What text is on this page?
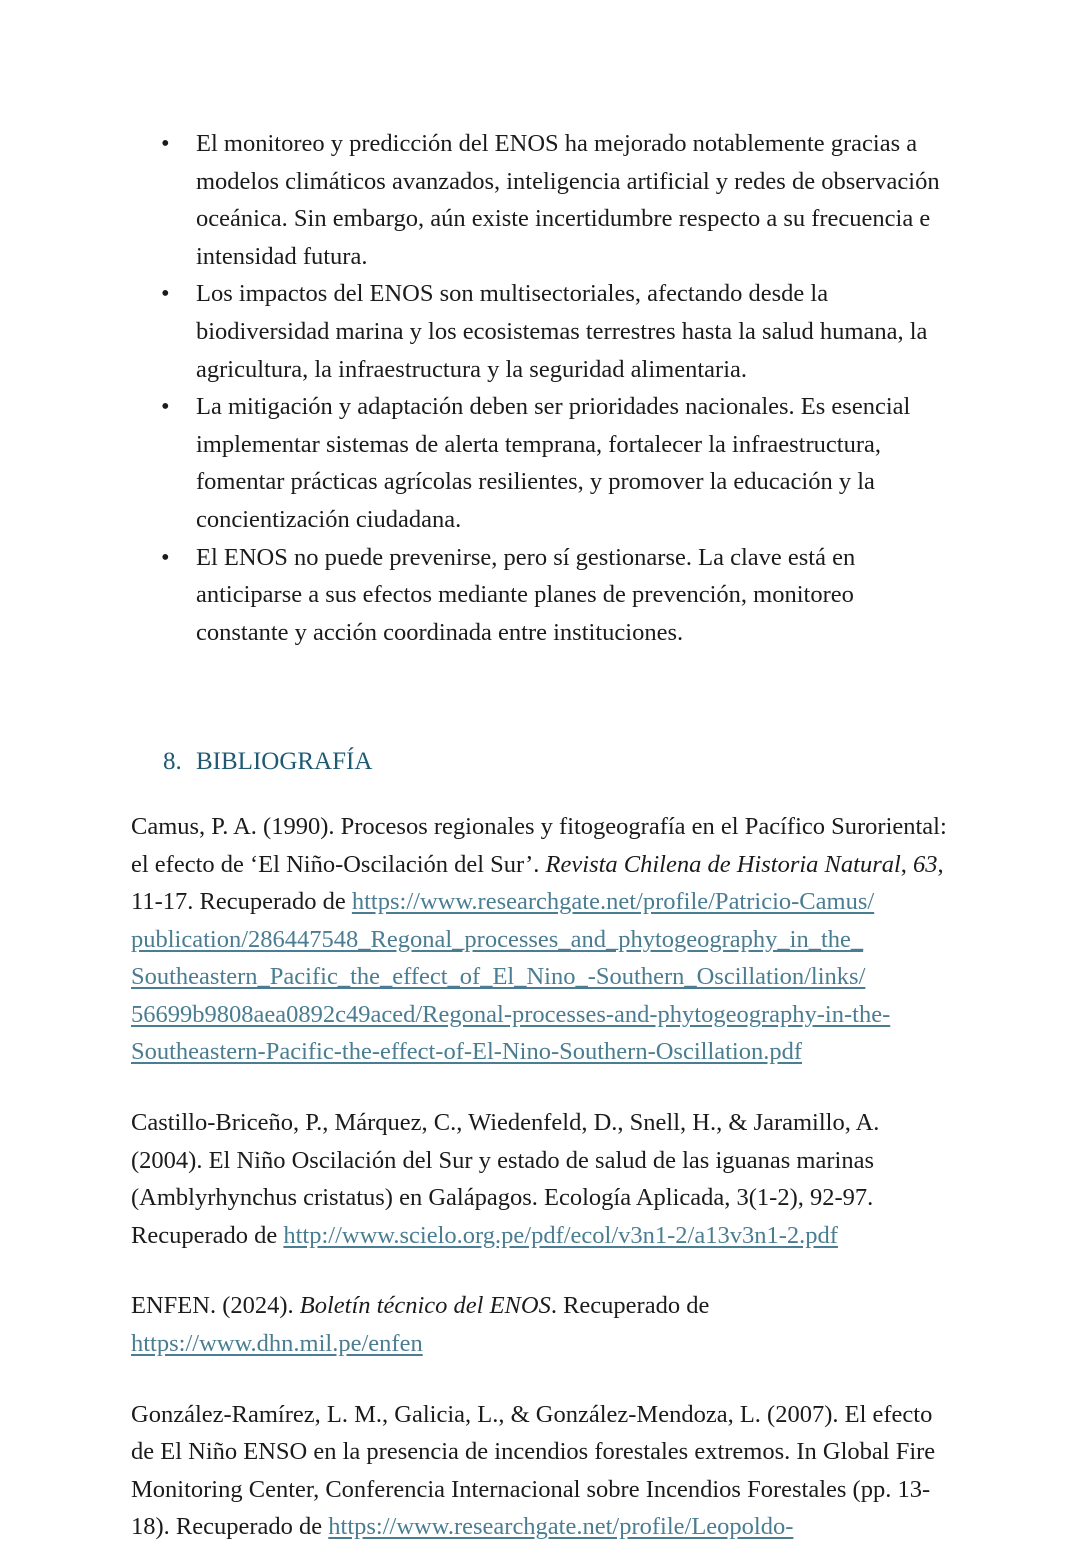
• El monitoreo y predicción del ENOS ha mejorado notablemente gracias a modelos climáticos avanzados, inteligencia artificial y redes de observación oceánica. Sin embargo, aún existe incertidumbre respecto a su frecuencia e intensidad futura.
• Los impactos del ENOS son multisectoriales, afectando desde la biodiversidad marina y los ecosistemas terrestres hasta la salud humana, la agricultura, la infraestructura y la seguridad alimentaria.
• La mitigación y adaptación deben ser prioridades nacionales. Es esencial implementar sistemas de alerta temprana, fortalecer la infraestructura, fomentar prácticas agrícolas resilientes, y promover la educación y la concientización ciudadana.
• El ENOS no puede prevenirse, pero sí gestionarse. La clave está en anticiparse a sus efectos mediante planes de prevención, monitoreo constante y acción coordinada entre instituciones.
8. BIBLIOGRAFÍA

Camus, P. A. (1990). Procesos regionales y fitogeografía en el Pacífico Suroriental: el efecto de ‘El Niño-Oscilación del Sur’. Revista Chilena de Historia Natural, 63, 11-17. Recuperado de https:/​/​www.​researchgate.​net/​profile/​Patricio-​Camus/​publication/​286447548_​Regonal_​processes_​and_​phytogeography_​in_​the_​Southeastern_​Pacific_​the_​effect_​of_​El_​Nino_​-​Southern_​Oscillation/​links/​56699b9808aea0892c49aced/​Regonal-​processes-​and-​phytogeography-​in-​the-​Southeastern-​Pacific-​the-​effect-​of-​El-​Nino-​Southern-​Oscillation.​pdf

Castillo-Briceño, P., Márquez, C., Wiedenfeld, D., Snell, H., & Jaramillo, A. (2004). El Niño Oscilación del Sur y estado de salud de las iguanas marinas (Amblyrhynchus cristatus) en Galápagos. Ecología Aplicada, 3(1-2), 92-97. Recuperado de http://www.scielo.org.pe/pdf/ecol/v3n1-2/a13v3n1-2.pdf

ENFEN. (2024). Boletín técnico del ENOS. Recuperado de https://www.dhn.mil.pe/enfen

González-Ramírez, L. M., Galicia, L., & González-Mendoza, L. (2007). El efecto de El Niño ENSO en la presencia de incendios forestales extremos. In Global Fire Monitoring Center, Conferencia Internacional sobre Incendios Forestales (pp. 13-18). Recuperado de https://www.researchgate.net/profile/Leopoldo-
